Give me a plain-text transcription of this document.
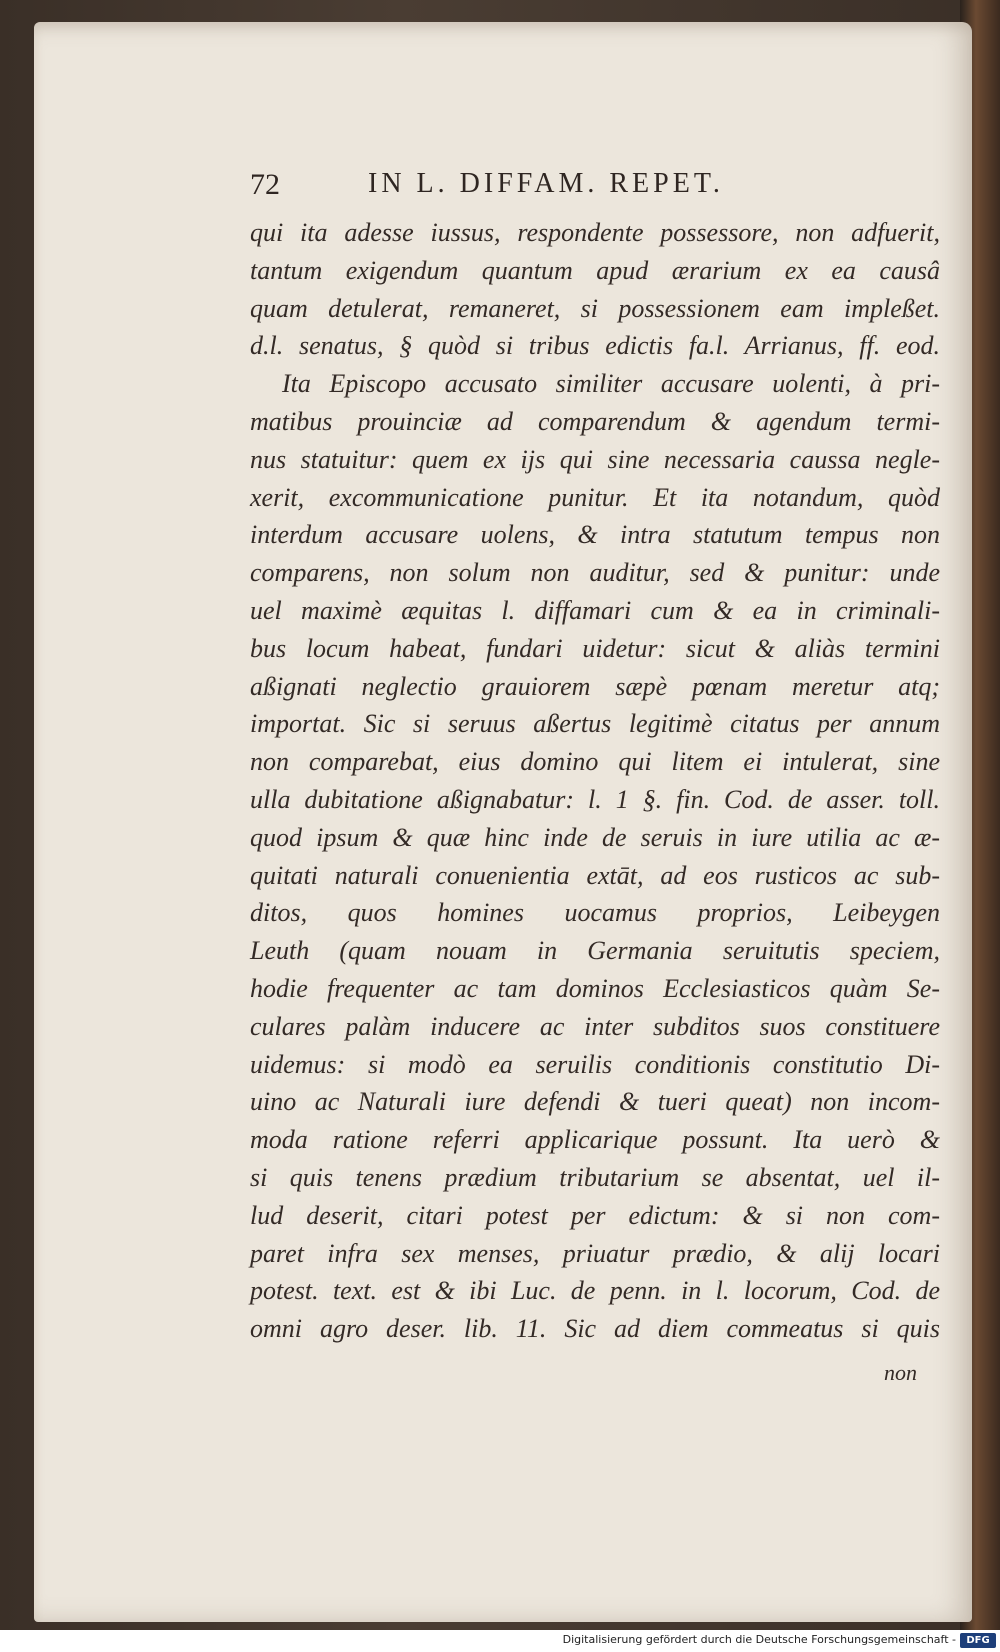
72	IN L. DIFFAM. REPET.
qui ita adesse iussus, respondente possessore, non adfuerit,
tantum exigendum quantum apud ærarium ex ea causâ
quam detulerat, remaneret, si possessionem eam impleßet.
d.l. senatus, § quòd si tribus edictis fa.l. Arrianus, ff. eod.
Ita Episcopo accusato similiter accusare uolenti, à pri-
matibus prouinciæ ad comparendum & agendum termi-
nus statuitur: quem ex ijs qui sine necessaria caussa negle-
xerit, excommunicatione punitur. Et ita notandum, quòd
interdum accusare uolens, & intra statutum tempus non
comparens, non solum non auditur, sed & punitur: unde
uel maximè æquitas l. diffamari cum & ea in criminali-
bus locum habeat, fundari uidetur: sicut & aliàs termini
aßignati neglectio grauiorem sæpè pœnam meretur atq;
importat. Sic si seruus aßertus legitimè citatus per annum
non comparebat, eius domino qui litem ei intulerat, sine
ulla dubitatione aßignabatur: l. 1 §. fin. Cod. de asser. toll.
quod ipsum & quæ hinc inde de seruis in iure utilia ac æ-
quitati naturali conuenientia extāt, ad eos rusticos ac sub-
ditos, quos homines uocamus proprios, Leibeygen
Leuth (quam nouam in Germania seruitutis speciem,
hodie frequenter ac tam dominos Ecclesiasticos quàm Se-
culares palàm inducere ac inter subditos suos constituere
uidemus: si modò ea seruilis conditionis constitutio Di-
uino ac Naturali iure defendi & tueri queat) non incom-
moda ratione referri applicarique possunt. Ita uerò &
si quis tenens prædium tributarium se absentat, uel il-
lud deserit, citari potest per edictum: & si non com-
paret infra sex menses, priuatur prædio, & alij locari
potest. text. est & ibi Luc. de penn. in l. locorum, Cod. de
omni agro deser. lib. 11. Sic ad diem commeatus si quis
non
Digitalisierung gefördert durch die Deutsche Forschungsgemeinschaft -	DFG
